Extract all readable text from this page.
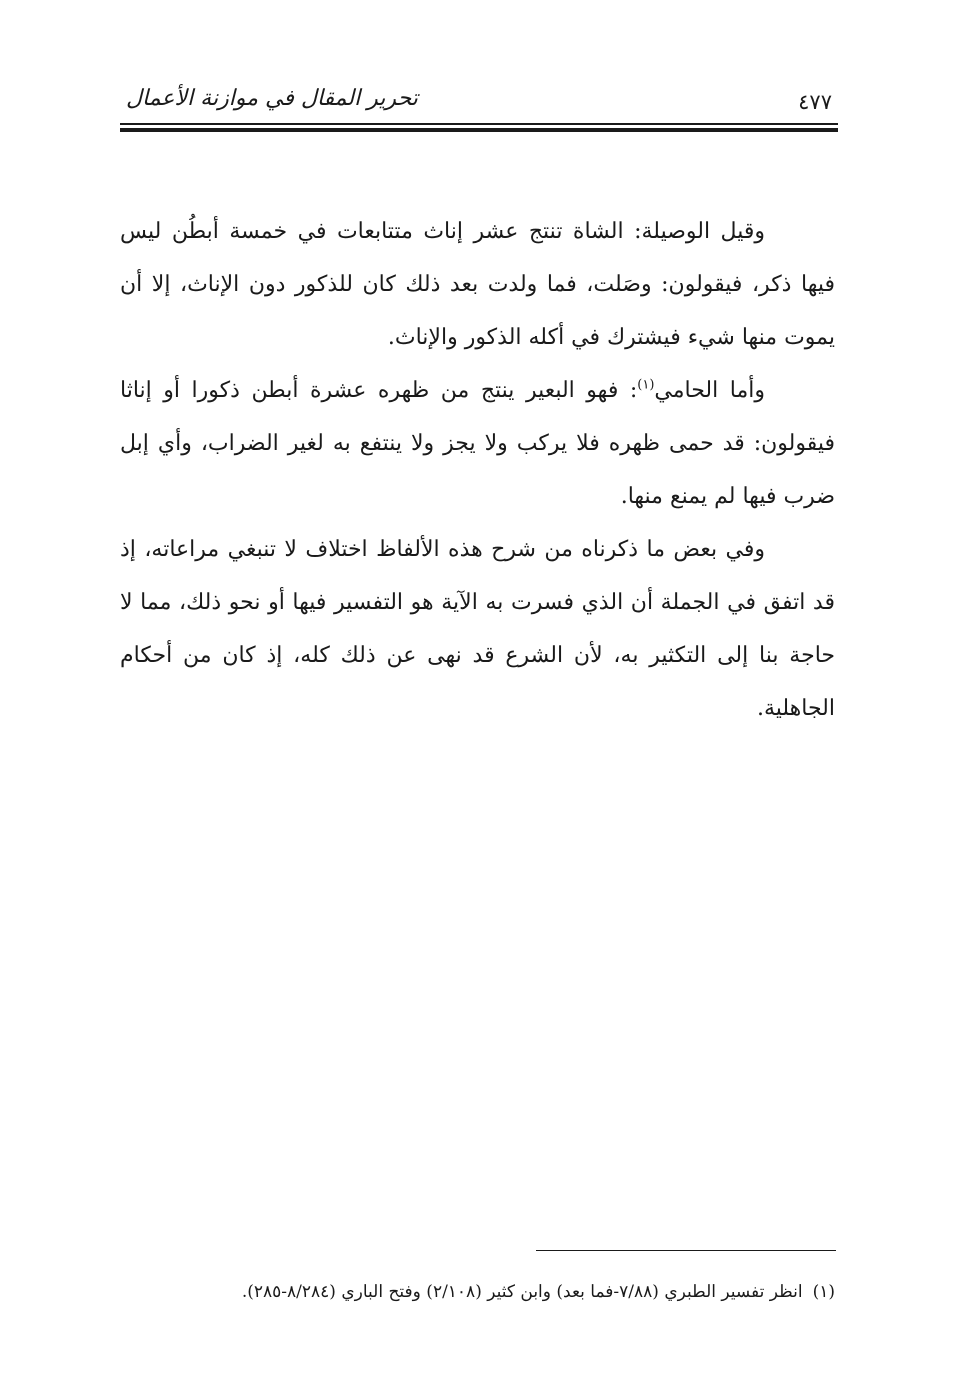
٤٧٧
تحرير المقال في موازنة الأعمال

وقيل الوصيلة: الشاة تنتج عشر إناث متتابعات في خمسة أبطُن ليس فيها ذكر، فيقولون: وصَلت، فما ولدت بعد ذلك كان للذكور دون الإناث، إلا أن يموت منها شيء فيشترك في أكله الذكور والإناث.

وأما الحامي$^{(١)}$: فهو البعير ينتج من ظهره عشرة أبطن ذكورا أو إناثا فيقولون: قد حمى ظهره فلا يركب ولا يجز ولا ينتفع به لغير الضراب، وأي إبل ضرب فيها لم يمنع منها.

وفي بعض ما ذكرناه من شرح هذه الألفاظ اختلاف لا تنبغي مراعاته، إذ قد اتفق في الجملة أن الذي فسرت به الآية هو التفسير فيها أو نحو ذلك، مما لا حاجة بنا إلى التكثير به، لأن الشرع قد نهى عن ذلك كله، إذ كان من أحكام الجاهلية.

(١)انظر تفسير الطبري (٧/٨٨-فما بعد) وابن كثير (٢/١٠٨) وفتح الباري (٨/٢٨٤-٢٨٥).
